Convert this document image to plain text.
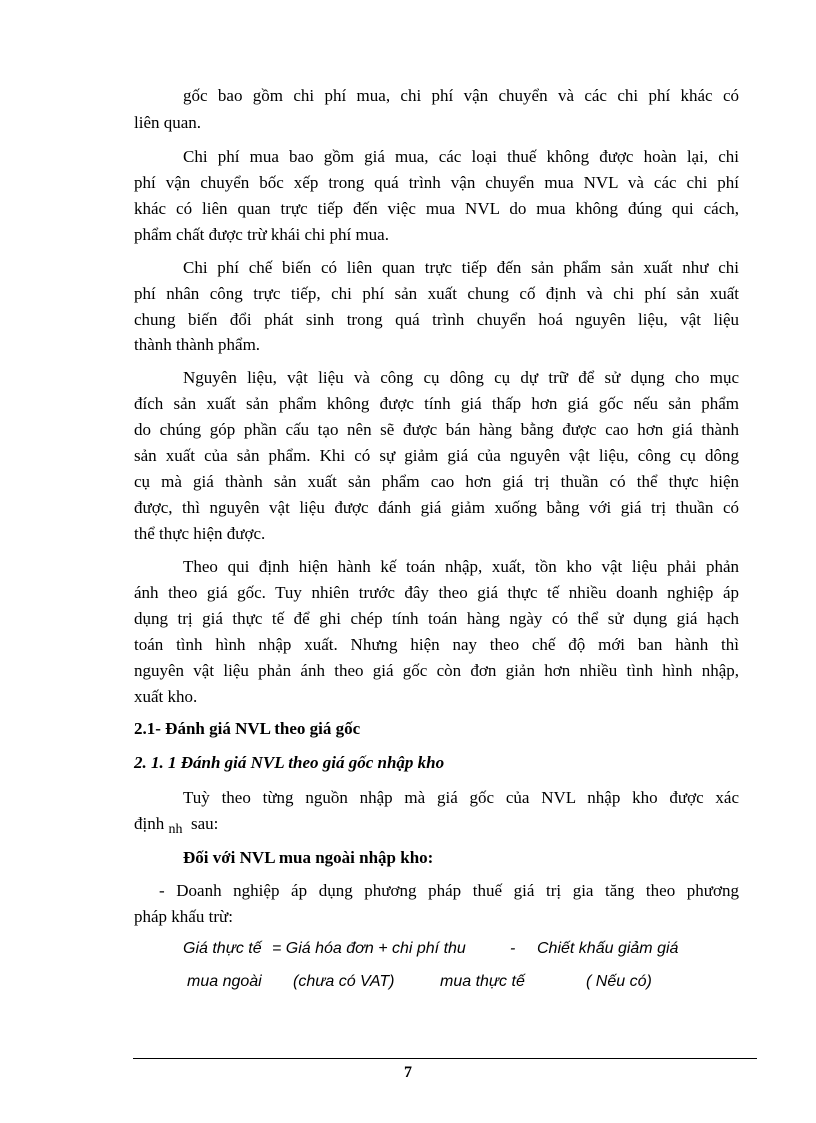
gốc bao gồm chi phí mua, chi phí vận chuyển và các chi phí khác có
liên quan.
Chi phí mua bao gồm giá mua, các loại thuế không được hoàn lại, chi
phí vận chuyển bốc xếp trong quá trình vận chuyển mua NVL và các chi phí
khác có liên quan trực tiếp đến việc mua NVL do mua không đúng qui cách,
phẩm chất được trừ khái chi phí mua.
Chi phí chế biến có liên quan trực tiếp đến sản phẩm sản xuất như chi
phí nhân công trực tiếp, chi phí sản xuất chung cố định và chi phí sản xuất
chung biến đổi phát sinh trong quá trình chuyển hoá nguyên liệu, vật liệu
thành thành phẩm.
Nguyên liệu, vật liệu và công cụ dông cụ dự trữ để sử dụng cho mục
đích sản xuất sản phẩm không được tính giá thấp hơn giá gốc nếu sản phẩm
do chúng góp phần cấu tạo nên sẽ được bán hàng bằng được cao hơn giá thành
sản xuất của sản phẩm. Khi có sự giảm giá của nguyên vật liệu, công cụ dông
cụ mà giá thành sản xuất sản phẩm cao hơn giá trị thuần có thể thực hiện
được, thì nguyên vật liệu được đánh giá giảm xuống bằng với giá trị thuần có
thể thực hiện được.
Theo qui định hiện hành kế toán nhập, xuất, tồn kho vật liệu phải phản
ánh theo giá gốc. Tuy nhiên trước đây theo giá thực tế nhiều doanh nghiệp áp
dụng trị giá thực tế để ghi chép tính toán hàng ngày có thể sử dụng giá hạch
toán tình hình nhập xuất. Nhưng hiện nay theo chế độ mới ban hành thì
nguyên vật liệu phản ánh theo giá gốc còn đơn giản hơn nhiều tình hình nhập,
xuất kho.
2.1- Đánh giá NVL theo giá gốc
2. 1. 1 Đánh giá NVL theo giá gốc nhập kho
Tuỳ theo từng nguồn nhập mà giá gốc của NVL nhập kho được xác
định $_{nh}$ sau:
Đối với NVL mua ngoài nhập kho:
- Doanh nghiệp áp dụng phương pháp thuế giá trị gia tăng theo phương
pháp khấu trừ:
Giá thực tế = Giá hóa đơn + chi phí thu	- Chiết khấu giảm giá
mua ngoài (chưa có VAT)	mua thực tế	( Nếu có)
7
